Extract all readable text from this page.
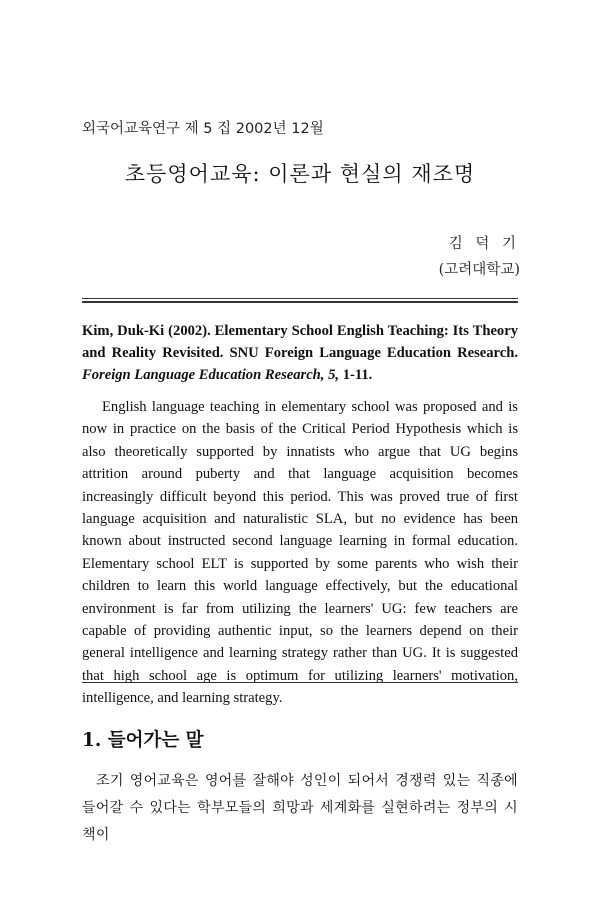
외국어교육연구 제 5 집 2002년 12월
초등영어교육: 이론과 현실의 재조명
김 덕 기
(고려대학교)

Kim, Duk-Ki (2002). Elementary School English Teaching: Its Theory and Reality Revisited. SNU Foreign Language Education Research. Foreign Language Education Research, 5, 1-11.

English language teaching in elementary school was proposed and is now in practice on the basis of the Critical Period Hypothesis which is also theoretically supported by innatists who argue that UG begins attrition around puberty and that language acquisition becomes increasingly difficult beyond this period. This was proved true of first language acquisition and naturalistic SLA, but no evidence has been known about instructed second language learning in formal education. Elementary school ELT is supported by some parents who wish their children to learn this world language effectively, but the educational environment is far from utilizing the learners' UG: few teachers are capable of providing authentic input, so the learners depend on their general intelligence and learning strategy rather than UG. It is suggested that high school age is optimum for utilizing learners' motivation, intelligence, and learning strategy.

1. 들어가는 말

조기 영어교육은 영어를 잘해야 성인이 되어서 경쟁력 있는 직종에 들어갈 수 있다는 학부모들의 희망과 세계화를 실현하려는 정부의 시책이
